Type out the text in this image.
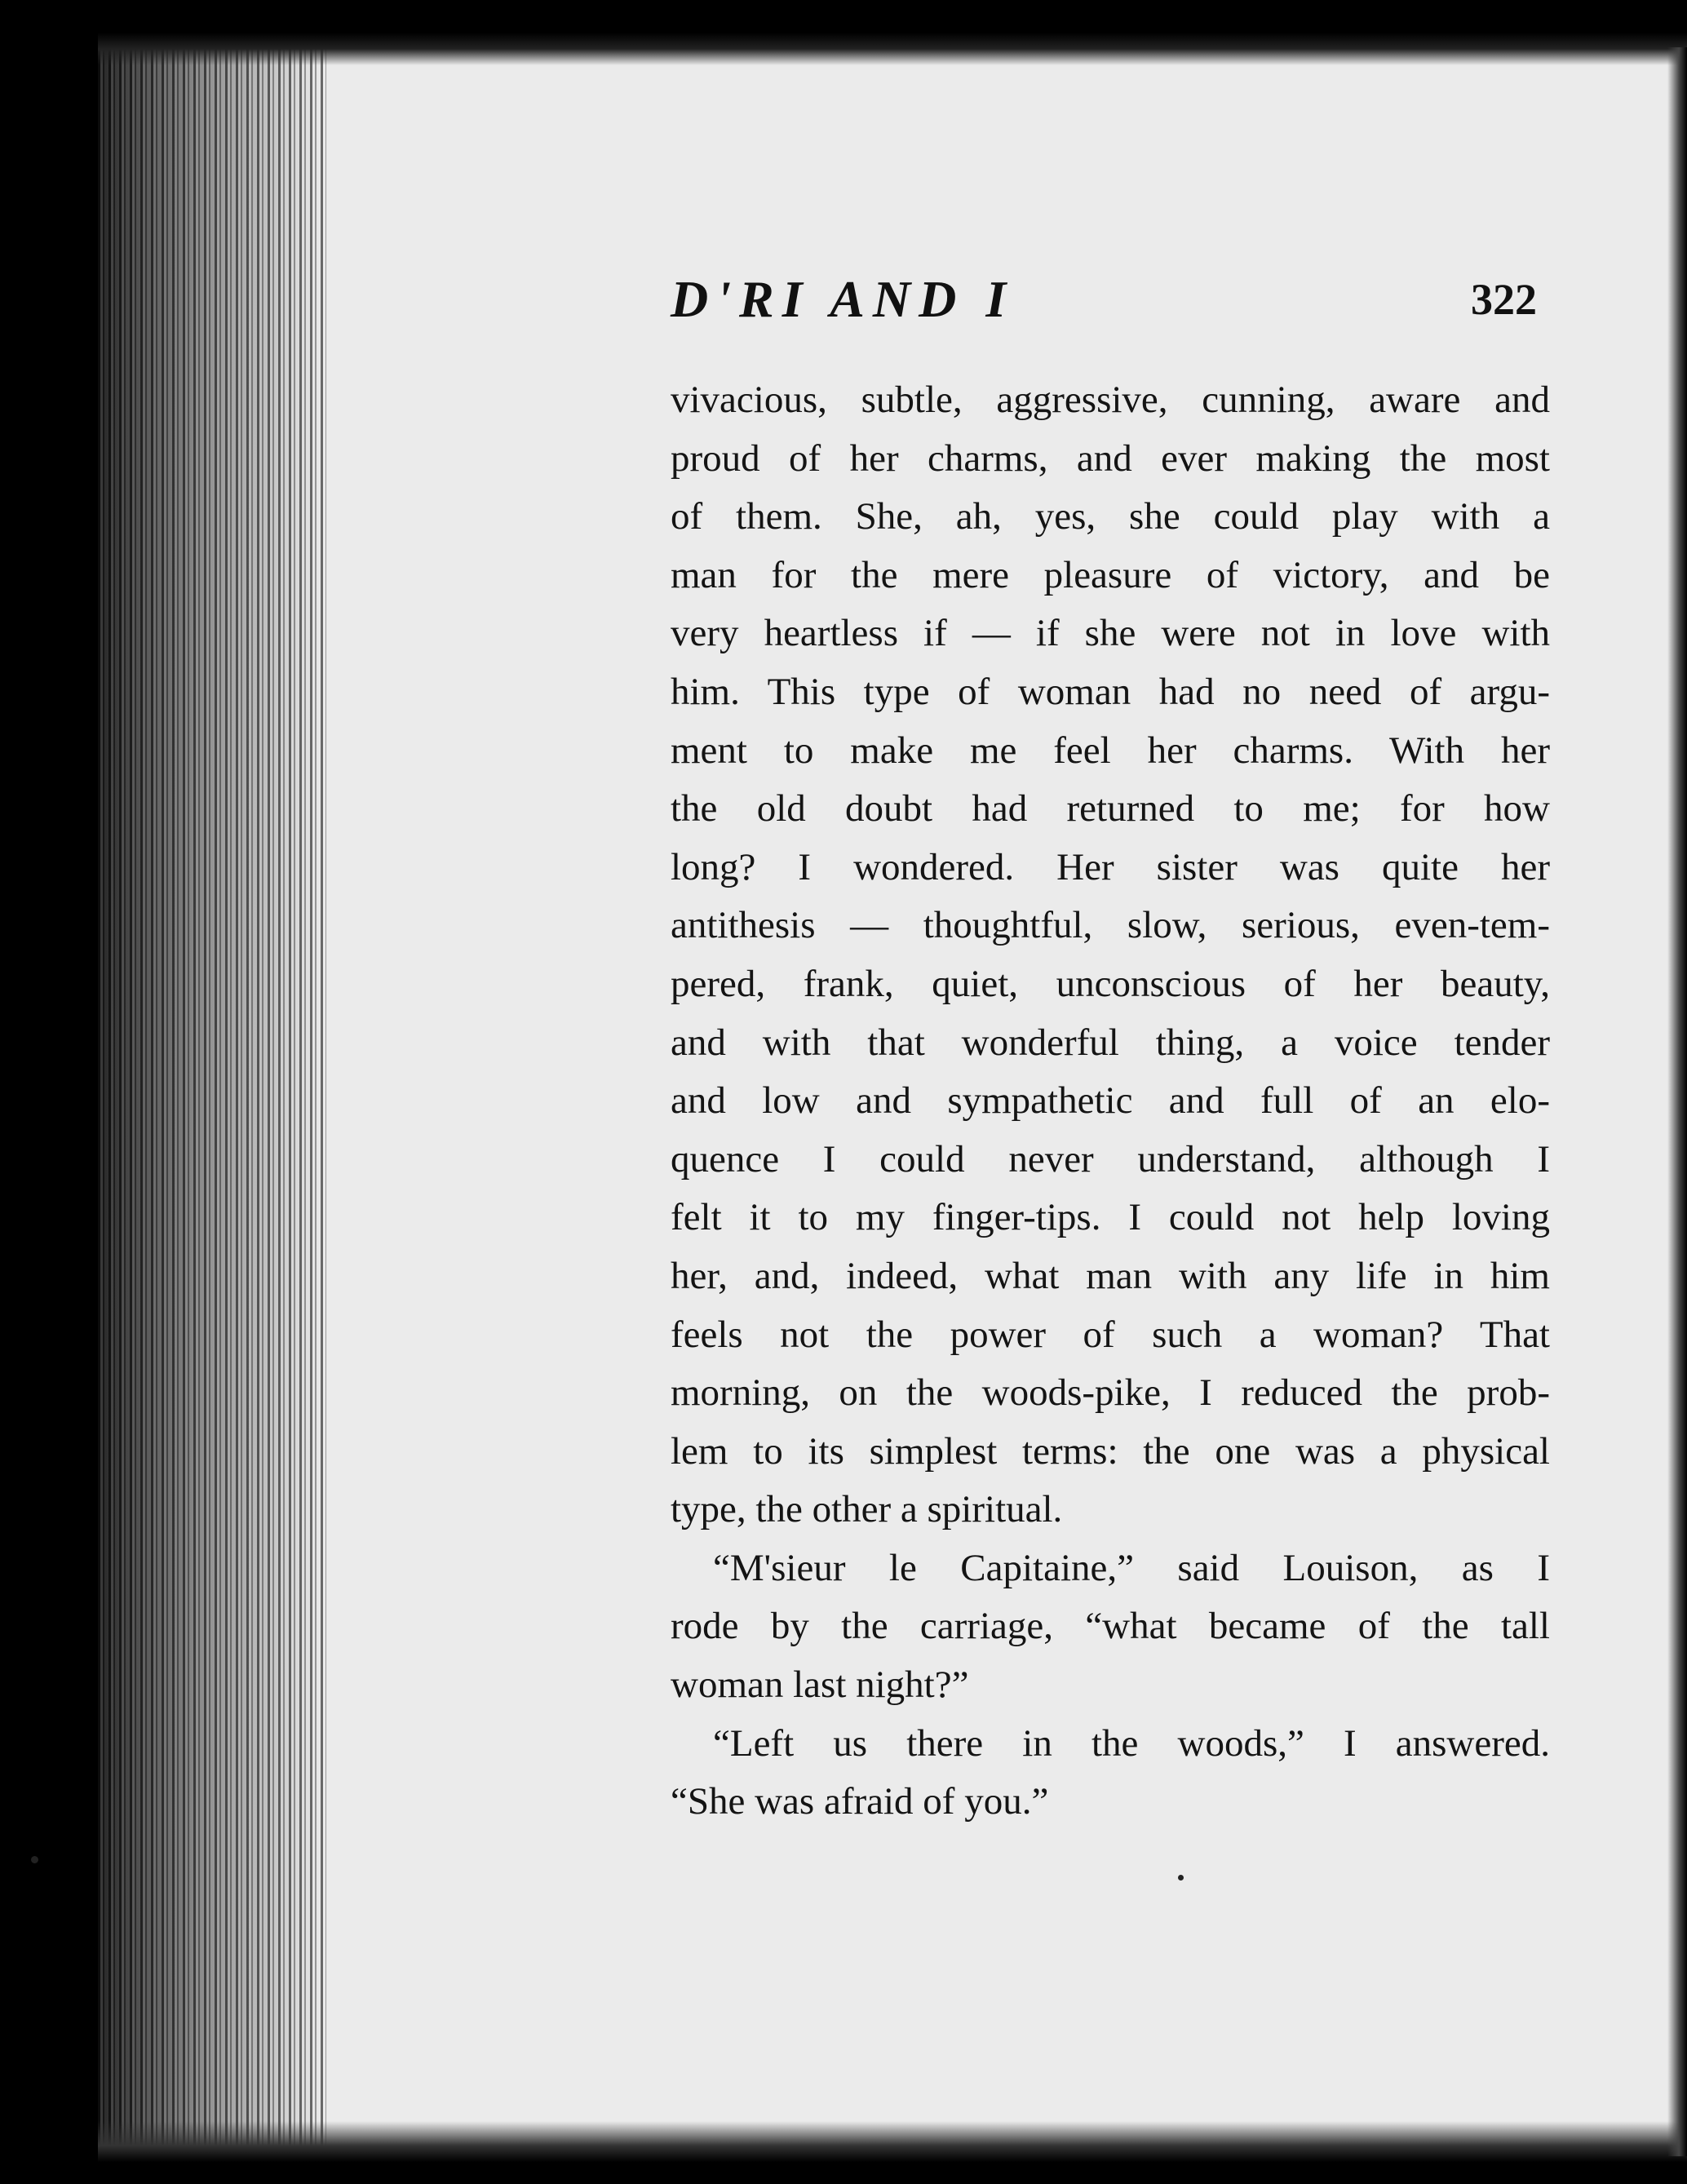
D'RI AND I	322

vivacious, subtle, aggressive, cunning, aware and

proud of her charms, and ever making the most

of them. She, ah, yes, she could play with a

man for the mere pleasure of victory, and be

very heartless if — if she were not in love with

him. This type of woman had no need of argu-

ment to make me feel her charms. With her

the old doubt had returned to me; for how

long? I wondered. Her sister was quite her

antithesis — thoughtful, slow, serious, even-tem-

pered, frank, quiet, unconscious of her beauty,

and with that wonderful thing, a voice tender

and low and sympathetic and full of an elo-

quence I could never understand, although I

felt it to my finger-tips. I could not help loving

her, and, indeed, what man with any life in him

feels not the power of such a woman? That

morning, on the woods-pike, I reduced the prob-

lem to its simplest terms: the one was a physical

type, the other a spiritual.

“M'sieur le Capitaine,” said Louison, as I

rode by the carriage, “what became of the tall

woman last night?”

“Left us there in the woods,” I answered.

“She was afraid of you.”
